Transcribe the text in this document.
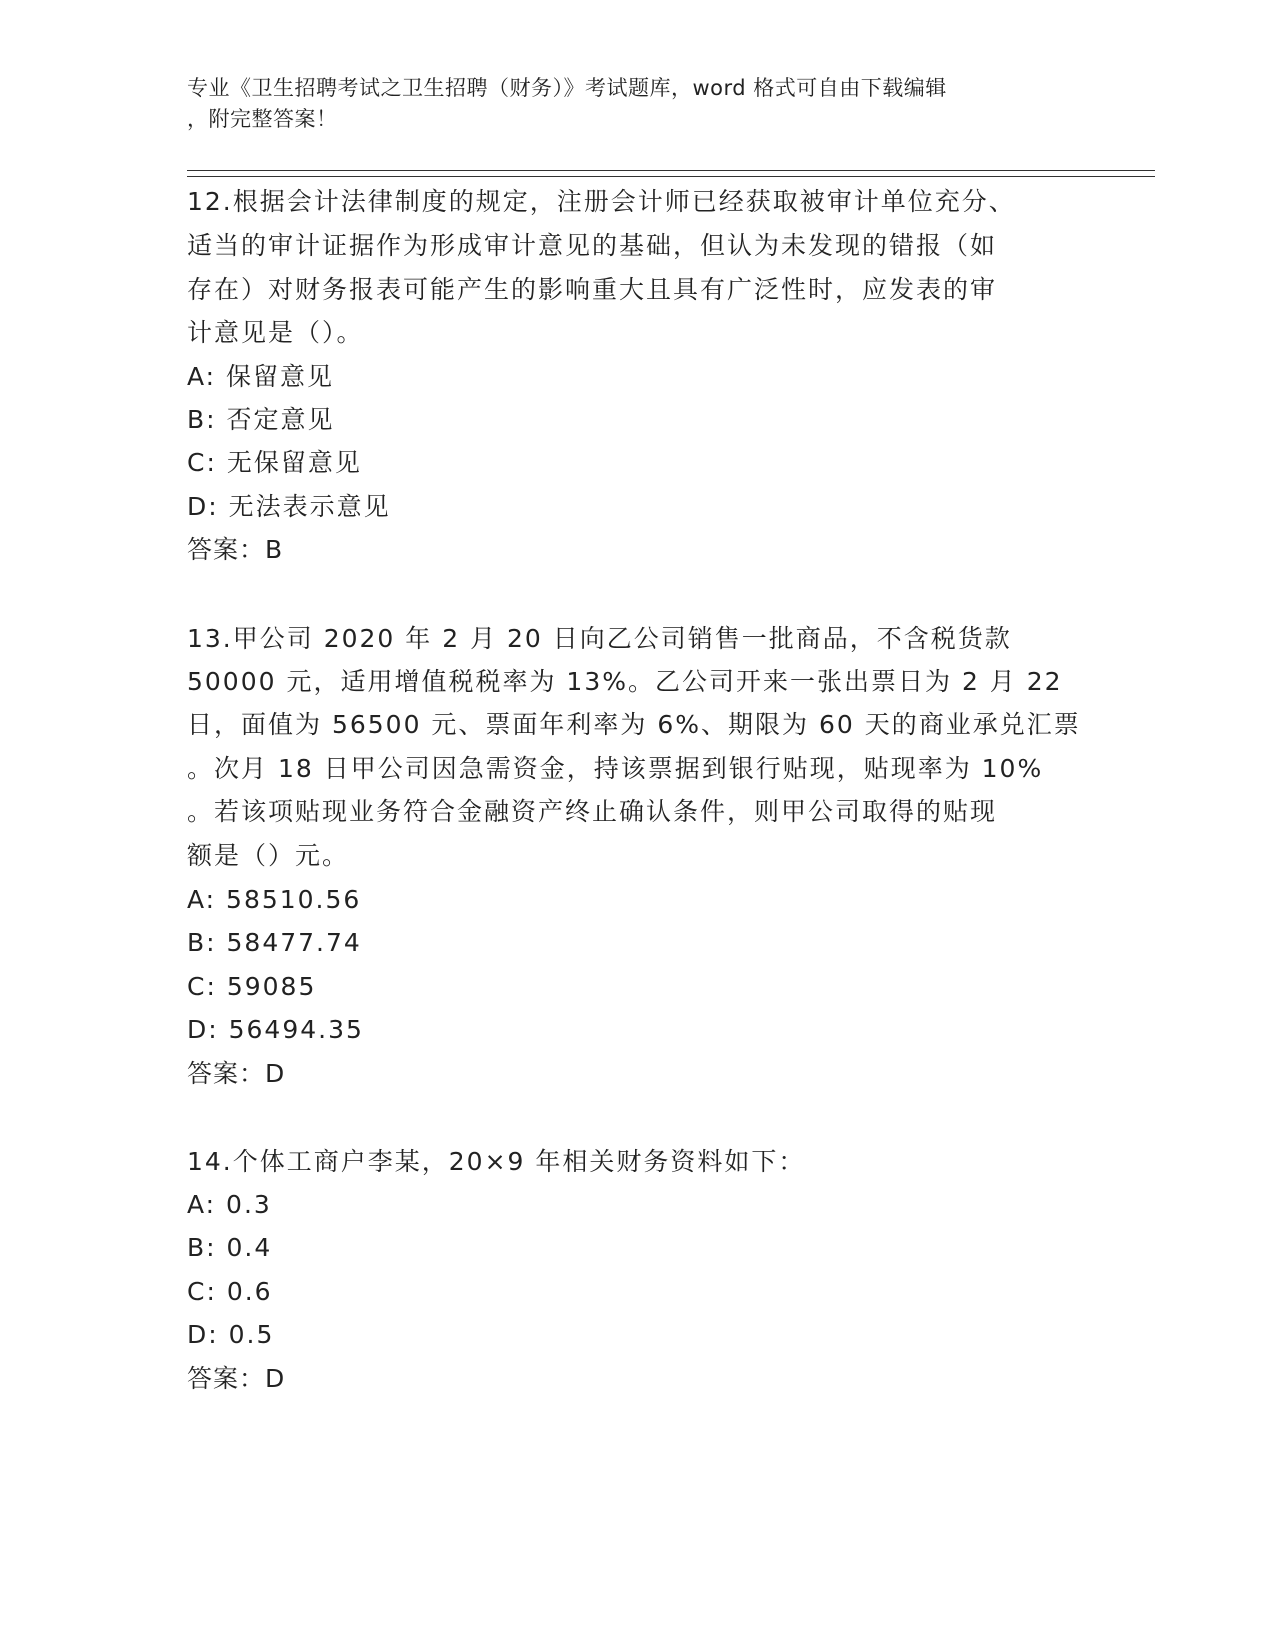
专业《卫生招聘考试之卫生招聘（财务）》考试题库，word 格式可自由下载编辑
，附完整答案！
12.根据会计法律制度的规定，注册会计师已经获取被审计单位充分、
适当的审计证据作为形成审计意见的基础，但认为未发现的错报（如
存在）对财务报表可能产生的影响重大且具有广泛性时，应发表的审
计意见是（）。
A: 保留意见
B: 否定意见
C: 无保留意见
D: 无法表示意见
答案：B
13.甲公司 2020 年 2 月 20 日向乙公司销售一批商品，不含税货款
50000 元，适用增值税税率为 13%。乙公司开来一张出票日为 2 月 22
日，面值为 56500 元、票面年利率为 6%、期限为 60 天的商业承兑汇票
。次月 18 日甲公司因急需资金，持该票据到银行贴现，贴现率为 10%
。若该项贴现业务符合金融资产终止确认条件，则甲公司取得的贴现
额是（）元。
A: 58510.56
B: 58477.74
C: 59085
D: 56494.35
答案：D
14.个体工商户李某，20×9 年相关财务资料如下：
A: 0.3
B: 0.4
C: 0.6
D: 0.5
答案：D
